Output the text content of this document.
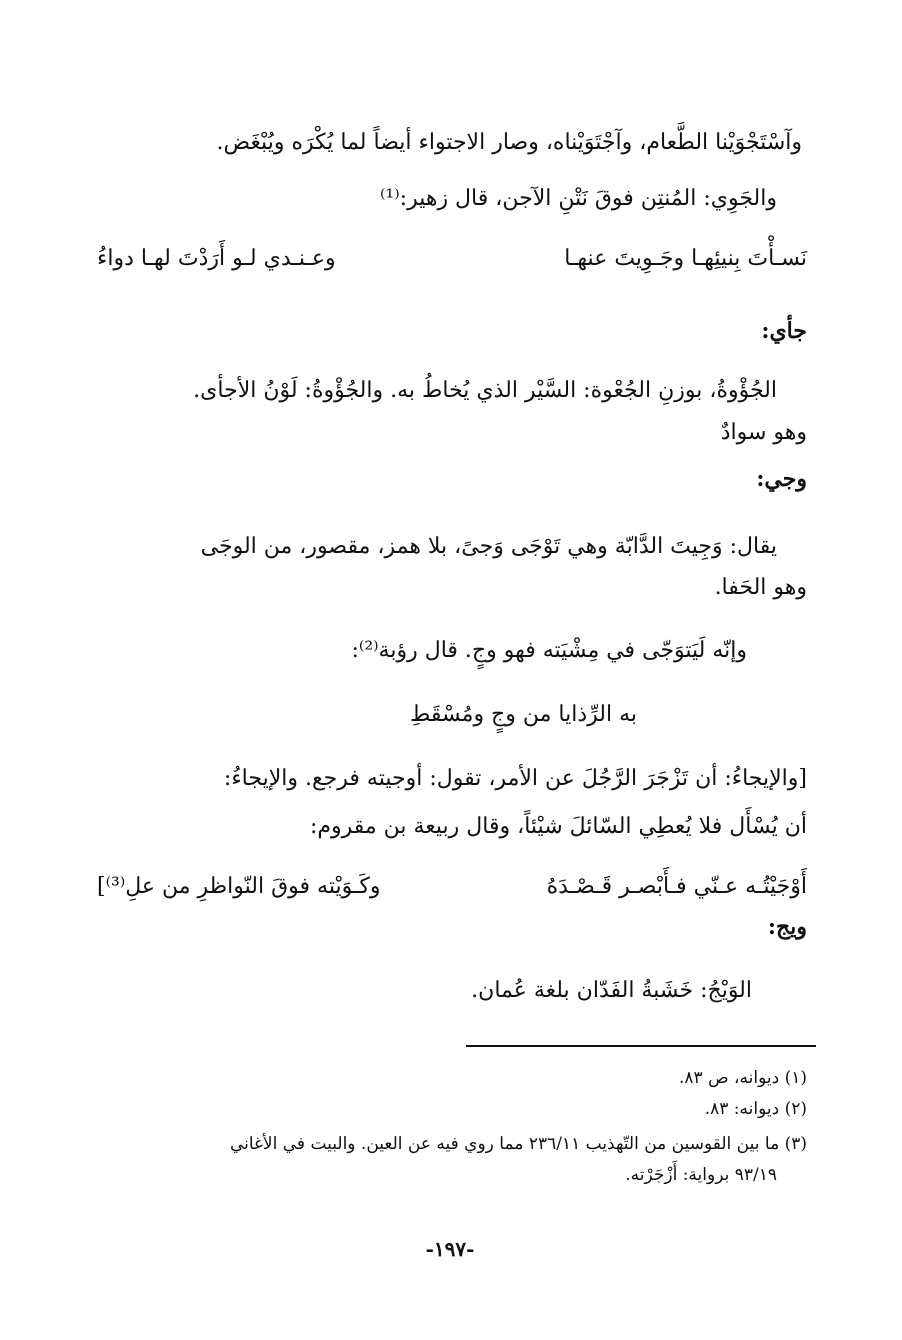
وآسْتَجْوَيْنا الطَّعام، وآجْتَوَيْناه، وصار الاجتواء أيضاً لما يُكْرَه ويُبْغَض.
والجَوِي: المُنتِن فوقَ نَتْنِ الآجن، قال زهير:⁽¹⁾
نَسـأْتَ بِنيئِهـا وجَـوِيتَ عنهـا
وعـنـدي لـو أَرَدْتَ لهـا دواءُ
جأي:
الجُؤْوةُ، بوزنِ الجُعْوة: السَّيْر الذي يُخاطُ به. والجُؤْوةُ: لَوْنُ الأجأى.
وهو سوادٌ
وجي:
يقال: وَجِيتَ الدَّابّة وهي تَوْجَى وَجىً، بلا همز، مقصور، من الوجَى
وهو الحَفا.
وإنّه لَيَتوَجّى في مِشْيَته فهو وجٍ. قال رؤبة⁽²⁾:
به الرِّذايا من وجٍ ومُسْقَطِ
[والإيجاءُ: أن تَزْجَرَ الرَّجُلَ عن الأمر، تقول: أوجيته فرجع. والإيجاءُ:
أن يُسْأَل فلا يُعطِي السّائلَ شيْئاً، وقال ربيعة بن مقروم:
أَوْجَيْتُـه عـنّي فـأَبْصـر قَـصْـدَهُ
وكَـوَيْته فوقَ النّواظرِ من علِ⁽³⁾]
ويج:
الوَيْجُ: خَشَبةُ الفَدّان بلغة عُمان.
(١) ديوانه، ص ٨٣.
(٢) ديوانه: ٨٣.
(٣) ما بين القوسين من التّهذيب ٢٣٦/١١ مما روي فيه عن العين. والبيت في الأغاني
٩٣/١٩ برواية: أَزْجَرْته.
-١٩٧-
